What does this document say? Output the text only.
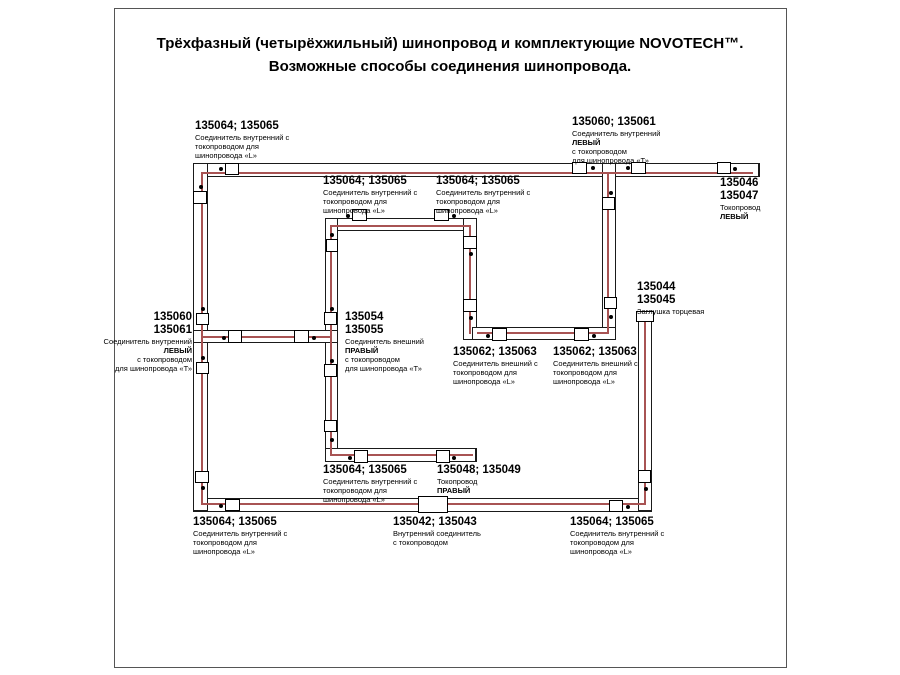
Трёхфазный (четырёхжильный) шинопровод и комплектующие NOVOTECH™.
Возможные способы соединения шинопровода.
135064; 135065
Соединитель внутренний с
токопроводом для
шинопровода «L»
135060; 135061
Соединитель внутренний
ЛЕВЫЙ
с токопроводом
для шинопровода «Т»
135046
135047
Токопровод
ЛЕВЫЙ
135064; 135065
Соединитель внутренний с
токопроводом для
шинопровода «L»
135064; 135065
Соединитель внутренний с
токопроводом для
шинопровода «L»
135044
135045
Заглушка торцевая
135060
135061
Соединитель внутренний
ЛЕВЫЙ
с токопроводом
для шинопровода «Т»
135054
135055
Соединитель внешний
ПРАВЫЙ
с токопроводом
для шинопровода «Т»
135062; 135063
Соединитель внешний с
токопроводом для
шинопровода «L»
135062; 135063
Соединитель внешний с
токопроводом для
шинопровода «L»
135064; 135065
Соединитель внутренний с
токопроводом для
шинопровода «L»
135048; 135049
Токопровод
ПРАВЫЙ
135064; 135065
Соединитель внутренний с
токопроводом для
шинопровода «L»
135042; 135043
Внутренний соединитель
с токопроводом
135064; 135065
Соединитель внутренний с
токопроводом для
шинопровода «L»
